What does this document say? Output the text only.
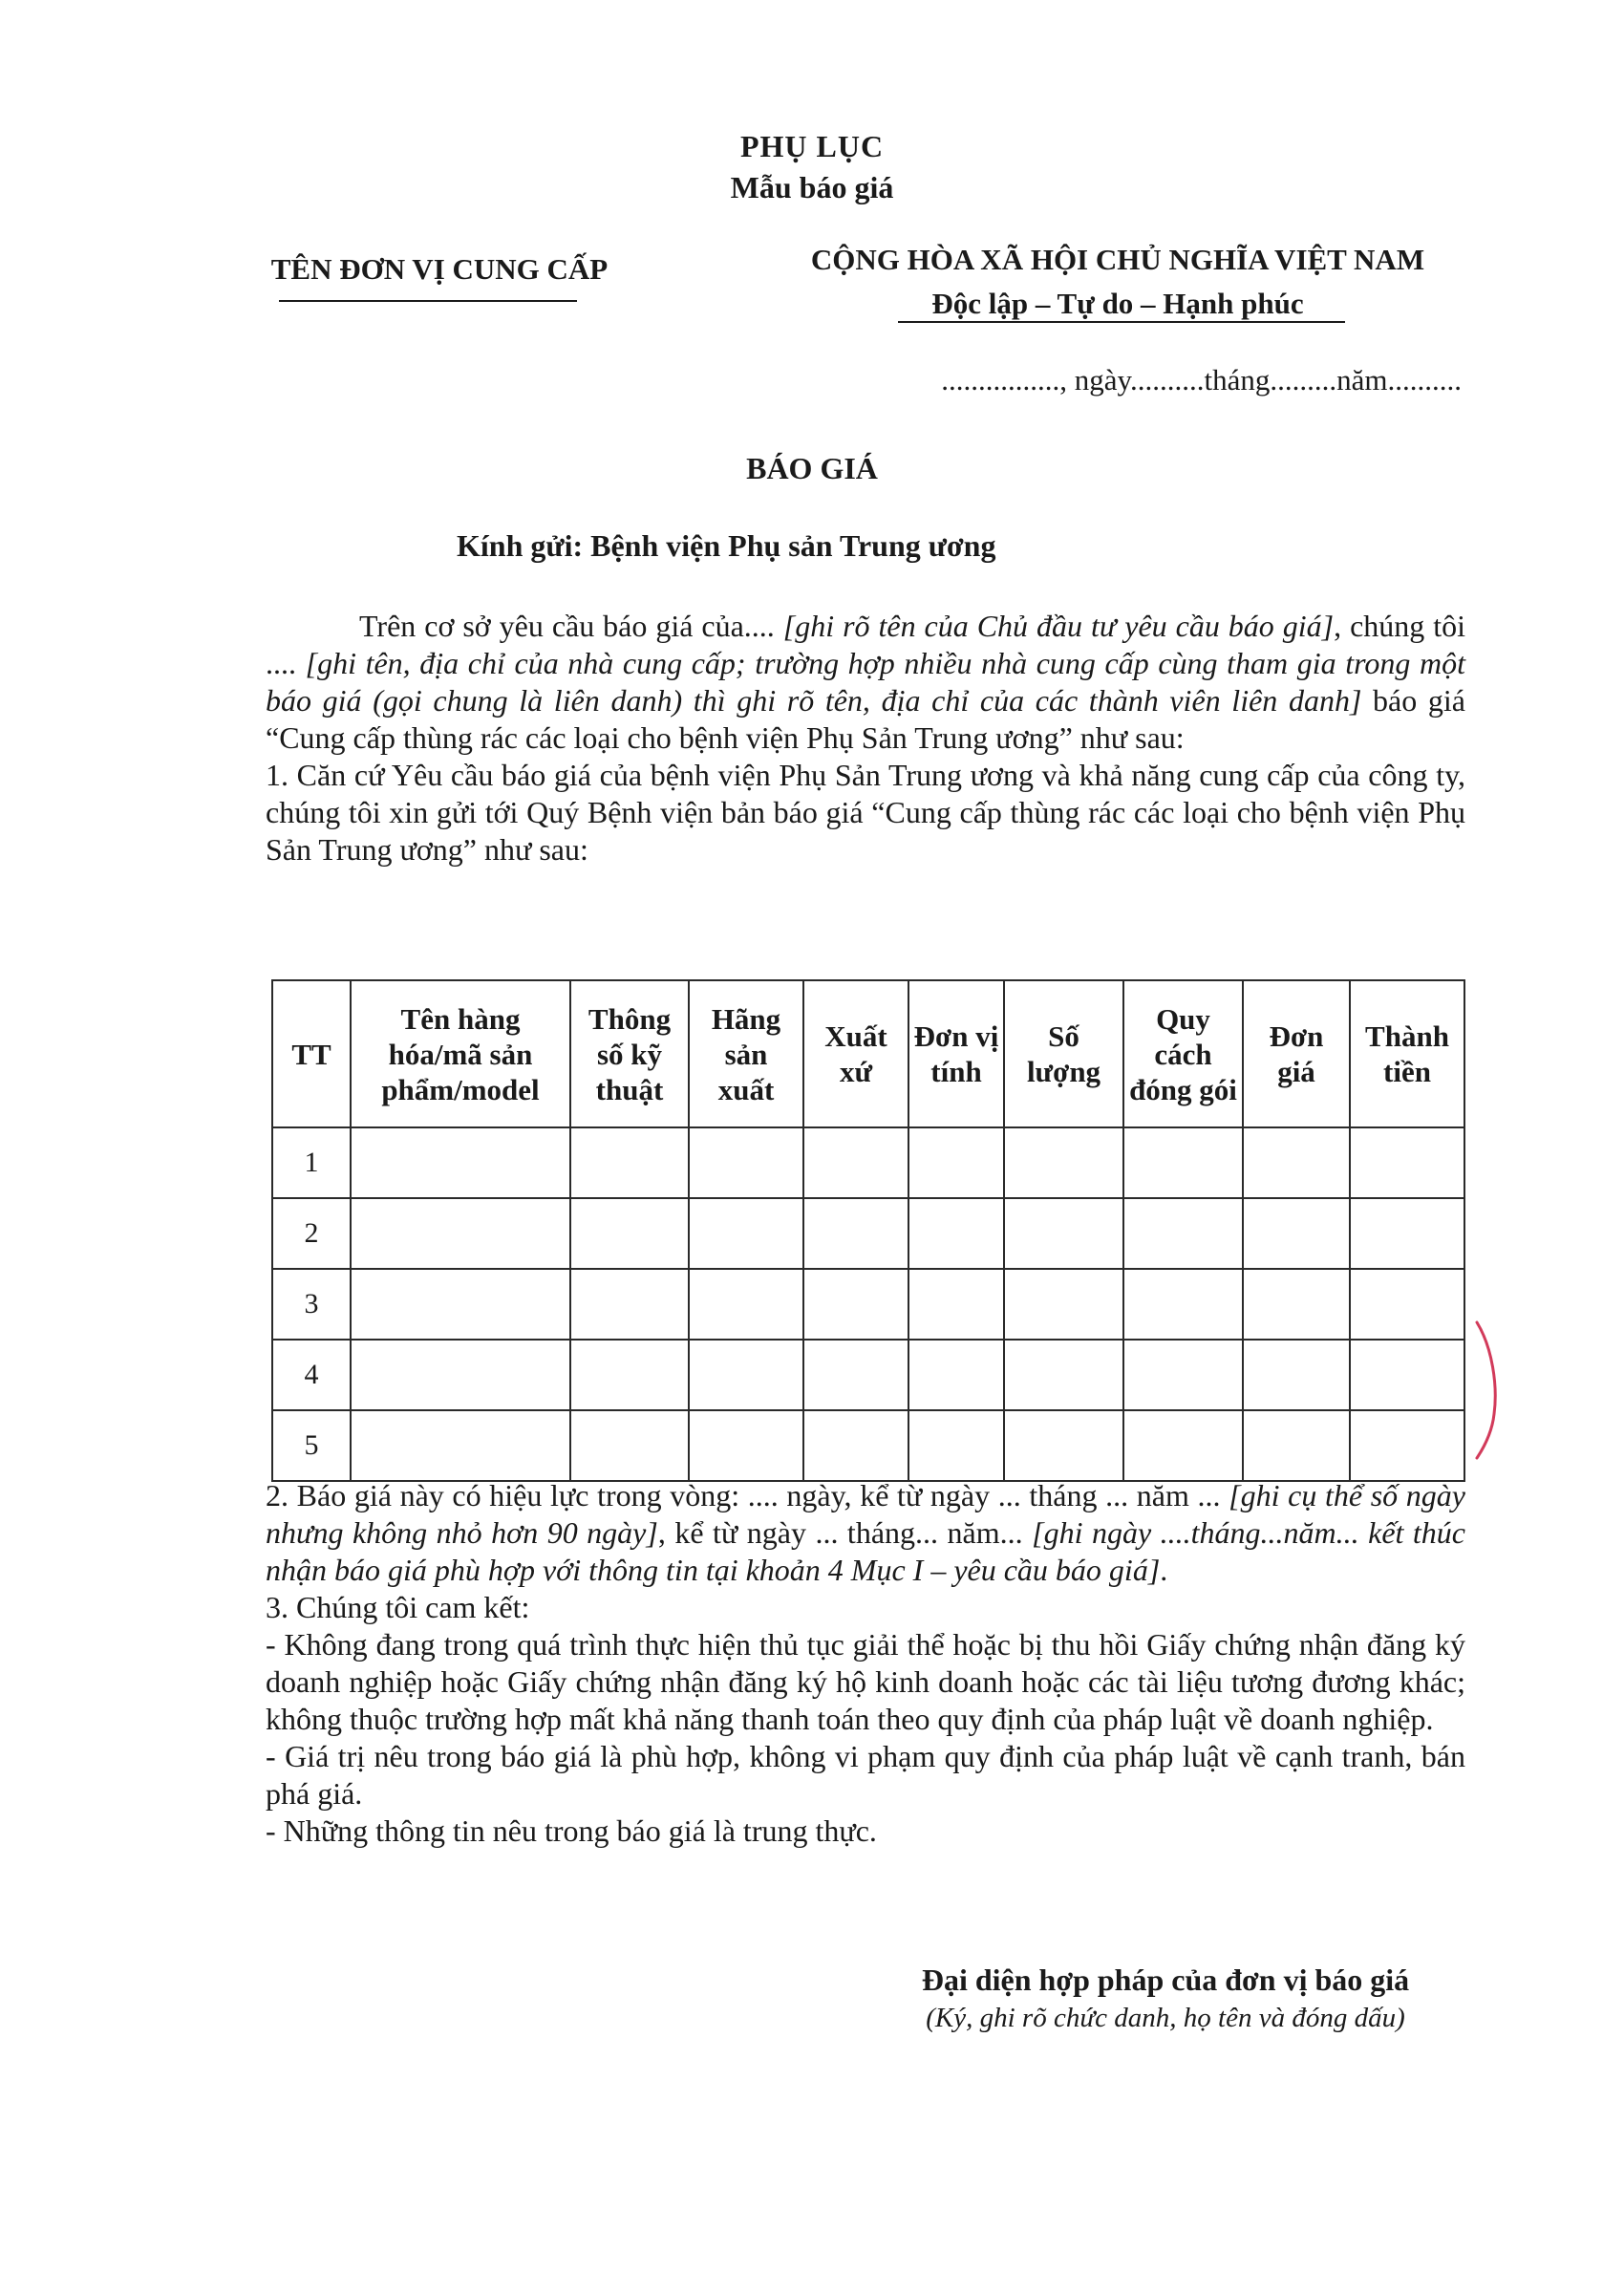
PHỤ LỤC
Mẫu báo giá
TÊN ĐƠN VỊ CUNG CẤP	CỘNG HÒA XÃ HỘI CHỦ NGHĨA VIỆT NAM
Độc lập – Tự do – Hạnh phúc
................, ngày..........tháng.........năm..........
BÁO GIÁ
Kính gửi: Bệnh viện Phụ sản Trung ương

Trên cơ sở yêu cầu báo giá của.... [ghi rõ tên của Chủ đầu tư yêu cầu báo giá], chúng tôi .... [ghi tên, địa chỉ của nhà cung cấp; trường hợp nhiều nhà cung cấp cùng tham gia trong một báo giá (gọi chung là liên danh) thì ghi rõ tên, địa chỉ của các thành viên liên danh] báo giá “Cung cấp thùng rác các loại cho bệnh viện Phụ Sản Trung ương” như sau:

1. Căn cứ Yêu cầu báo giá của bệnh viện Phụ Sản Trung ương và khả năng cung cấp của công ty, chúng tôi xin gửi tới Quý Bệnh viện bản báo giá “Cung cấp thùng rác các loại cho bệnh viện Phụ Sản Trung ương” như sau:

TT	Tên hàng hóa/mã sản phẩm/model	Thông số kỹ thuật	Hãng sản xuất	Xuất xứ	Đơn vị tính	Số lượng	Quy cách đóng gói	Đơn giá	Thành tiền
1									
2									
3									
4									
5									

2. Báo giá này có hiệu lực trong vòng: .... ngày, kể từ ngày ... tháng ... năm ... [ghi cụ thể số ngày nhưng không nhỏ hơn 90 ngày], kể từ ngày ... tháng... năm... [ghi ngày ....tháng...năm... kết thúc nhận báo giá phù hợp với thông tin tại khoản 4 Mục I – yêu cầu báo giá].

3. Chúng tôi cam kết:

- Không đang trong quá trình thực hiện thủ tục giải thể hoặc bị thu hồi Giấy chứng nhận đăng ký doanh nghiệp hoặc Giấy chứng nhận đăng ký hộ kinh doanh hoặc các tài liệu tương đương khác; không thuộc trường hợp mất khả năng thanh toán theo quy định của pháp luật về doanh nghiệp.

- Giá trị nêu trong báo giá là phù hợp, không vi phạm quy định của pháp luật về cạnh tranh, bán phá giá.

- Những thông tin nêu trong báo giá là trung thực.

Đại diện hợp pháp của đơn vị báo giá
(Ký, ghi rõ chức danh, họ tên và đóng dấu)
